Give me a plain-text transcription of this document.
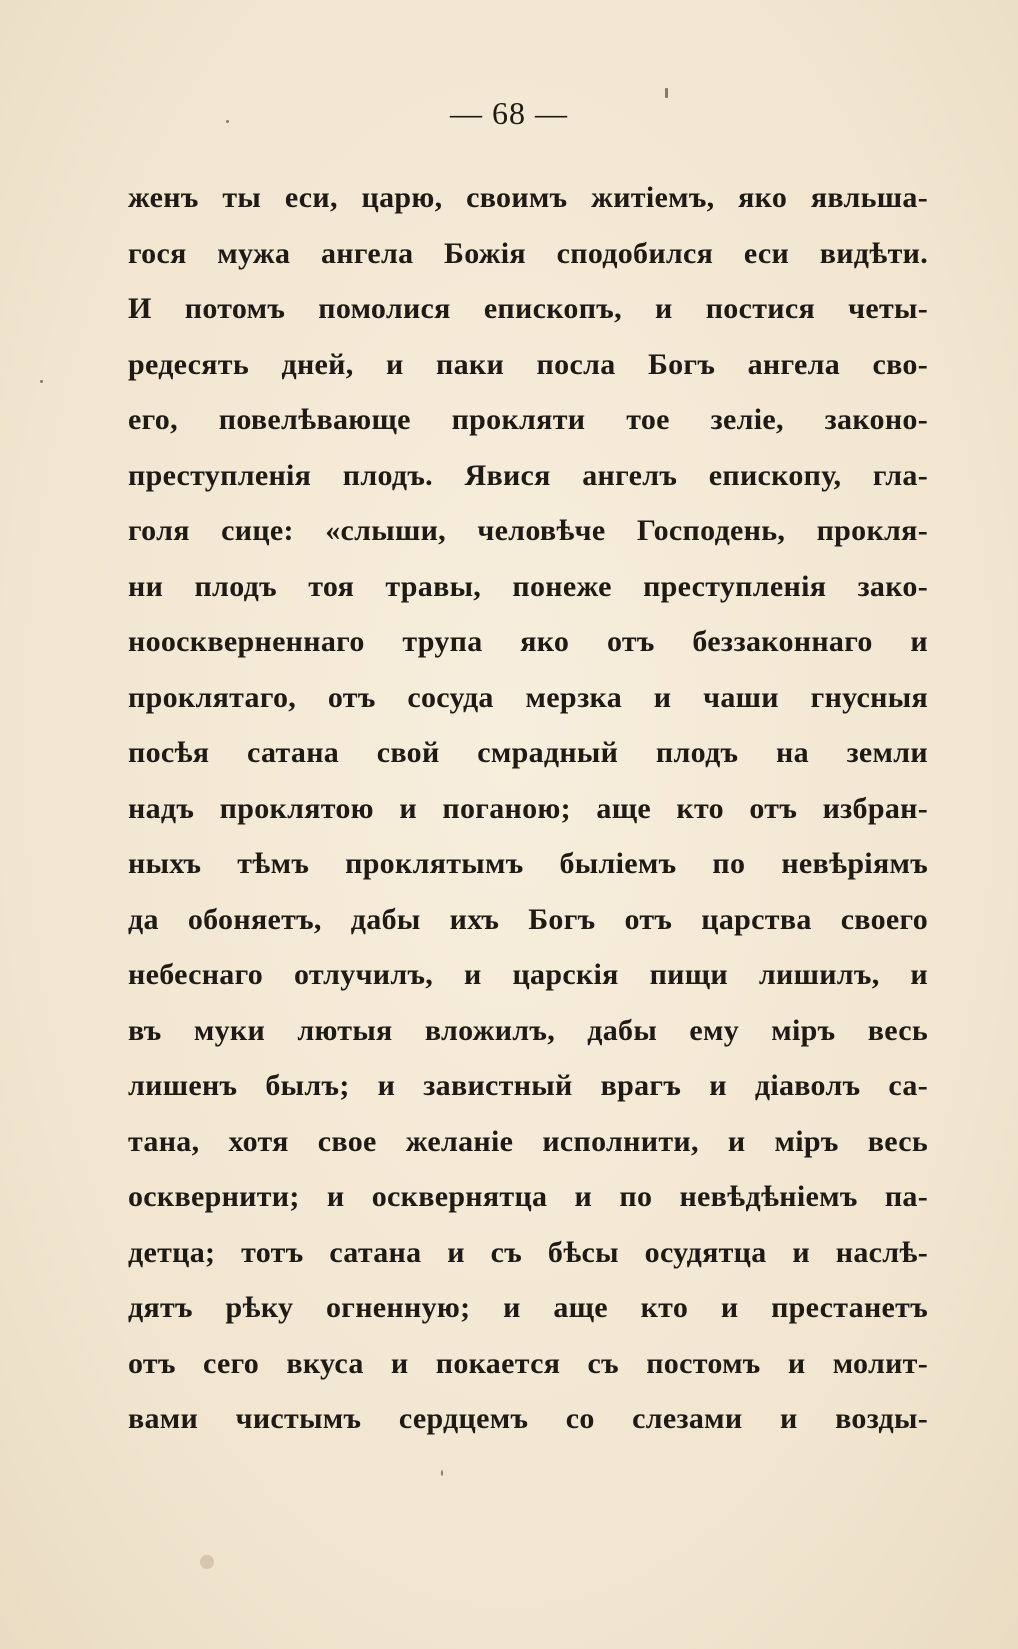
— 68 —
женъ ты еси, царю, своимъ житіемъ, яко явльша-
гося мужа ангела Божія сподобился еси видѣти.
И потомъ помолися епископъ, и постися четы-
редесять дней, и паки посла Богъ ангела сво-
его, повелѣвающе прокляти тое зеліе, законо-
преступленія плодъ. Явися ангелъ епископу, гла-
голя сице: «слыши, человѣче Господень, прокля-
ни плодъ тоя травы, понеже преступленія зако-
нооскверненнаго трупа яко отъ беззаконнаго и
проклятаго, отъ сосуда мерзка и чаши гнусныя
посѣя сатана свой смрадный плодъ на земли
надъ проклятою и поганою; аще кто отъ избран-
ныхъ тѣмъ проклятымъ быліемъ по невѣріямъ
да обоняетъ, дабы ихъ Богъ отъ царства своего
небеснаго отлучилъ, и царскія пищи лишилъ, и
въ муки лютыя вложилъ, дабы ему міръ весь
лишенъ былъ; и завистный врагъ и діаволъ са-
тана, хотя свое желаніе исполнити, и міръ весь
осквернити; и осквернятца и по невѣдѣніемъ па-
детца; тотъ сатана и съ бѣсы осудятца и наслѣ-
дятъ рѣку огненную; и аще кто и престанетъ
отъ сего вкуса и покается съ постомъ и молит-
вами чистымъ сердцемъ со слезами и возды-
